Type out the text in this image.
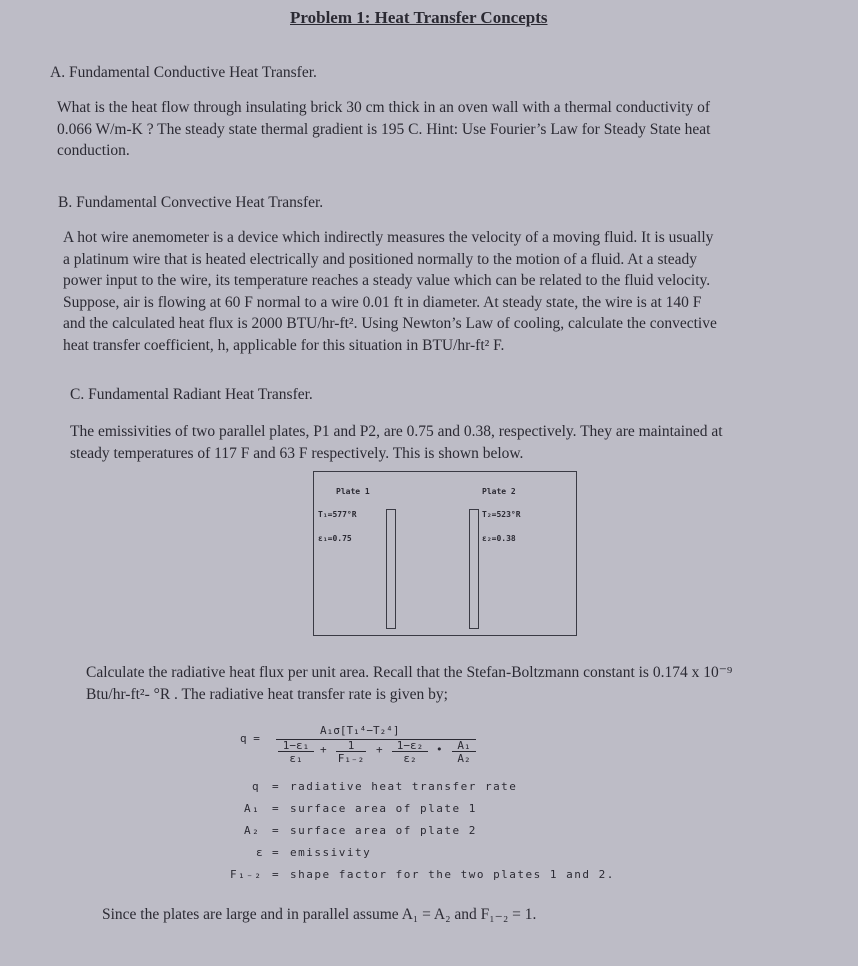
Problem 1: Heat Transfer Concepts
A. Fundamental Conductive Heat Transfer.
What is the heat flow through insulating brick 30 cm thick in an oven wall with a thermal conductivity of
0.066 W/m-K ? The steady state thermal gradient is 195 C. Hint: Use Fourier’s Law for Steady State heat
conduction.
B. Fundamental Convective Heat Transfer.
A hot wire anemometer is a device which indirectly measures the velocity of a moving fluid. It is usually
a platinum wire that is heated electrically and positioned normally to the motion of a fluid. At a steady
power input to the wire, its temperature reaches a steady value which can be related to the fluid velocity.
Suppose, air is flowing at 60 F normal to a wire 0.01 ft in diameter. At steady state, the wire is at 140 F
and the calculated heat flux is 2000 BTU/hr-ft². Using Newton’s Law of cooling, calculate the convective
heat transfer coefficient, h, applicable for this situation in BTU/hr-ft² F.
C. Fundamental Radiant Heat Transfer.
The emissivities of two parallel plates, P1 and P2, are 0.75 and 0.38, respectively. They are maintained at
steady temperatures of 117 F and 63 F respectively. This is shown below.
Plate 1	Plate 2
T₁=577°R
ε₁=0.75
T₂=523°R
ε₂=0.38
Calculate the radiative heat flux per unit area. Recall that the Stefan-Boltzmann constant is 0.174 x 10⁻⁹
Btu/hr-ft²- °R . The radiative heat transfer rate is given by;
q =
A₁σ[T₁⁴−T₂⁴]
1−ε₁
ε₁
+	1
F₁₋₂
+	1−ε₂
ε₂
•	A₁
A₂
q = radiative heat transfer rate
A₁ = surface area of plate 1
A₂ = surface area of plate 2
ε = emissivity
F₁₋₂ = shape factor for the two plates 1 and 2.
Since the plates are large and in parallel assume A₁ = A₂ and F₁₋₂ = 1.
